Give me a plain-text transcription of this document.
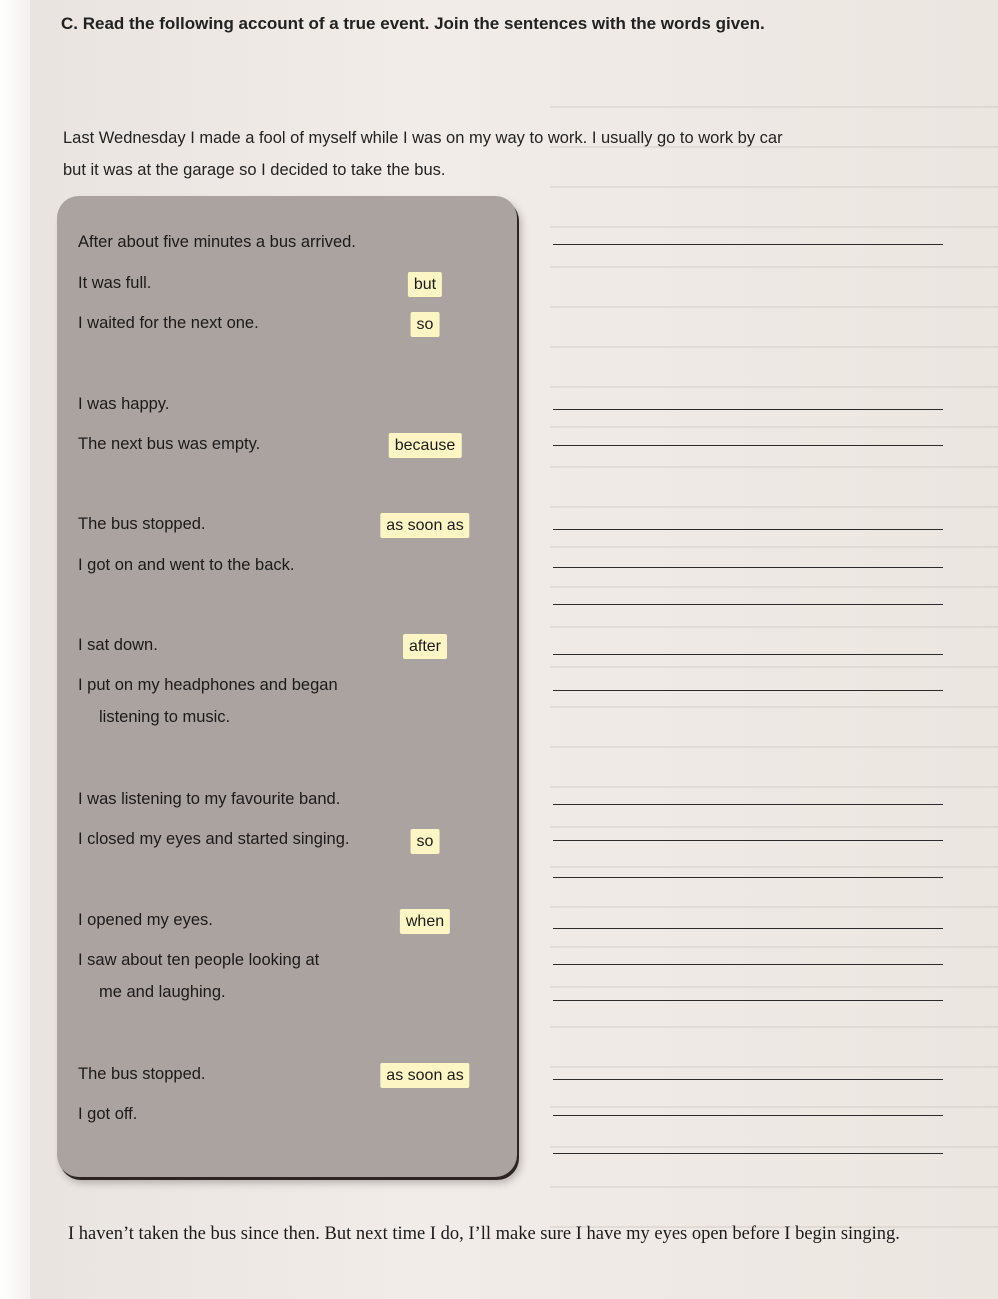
C. Read the following account of a true event. Join the sentences with the words given.

Last Wednesday I made a fool of myself while I was on my way to work. I usually go to work by car
but it was at the garage so I decided to take the bus.

After about five minutes a bus arrived.

It was full.

I waited for the next one.

I was happy.

The next bus was empty.

The bus stopped.

I got on and went to the back.

I sat down.

I put on my headphones and began
listening to music.

I was listening to my favourite band.

I closed my eyes and started singing.

I opened my eyes.

I saw about ten people looking at
me and laughing.

The bus stopped.

I got off.

but
so
because
as soon as
after
so
when
as soon as

I haven’t taken the bus since then. But next time I do, I’ll make sure I have my eyes open before I begin singing.
